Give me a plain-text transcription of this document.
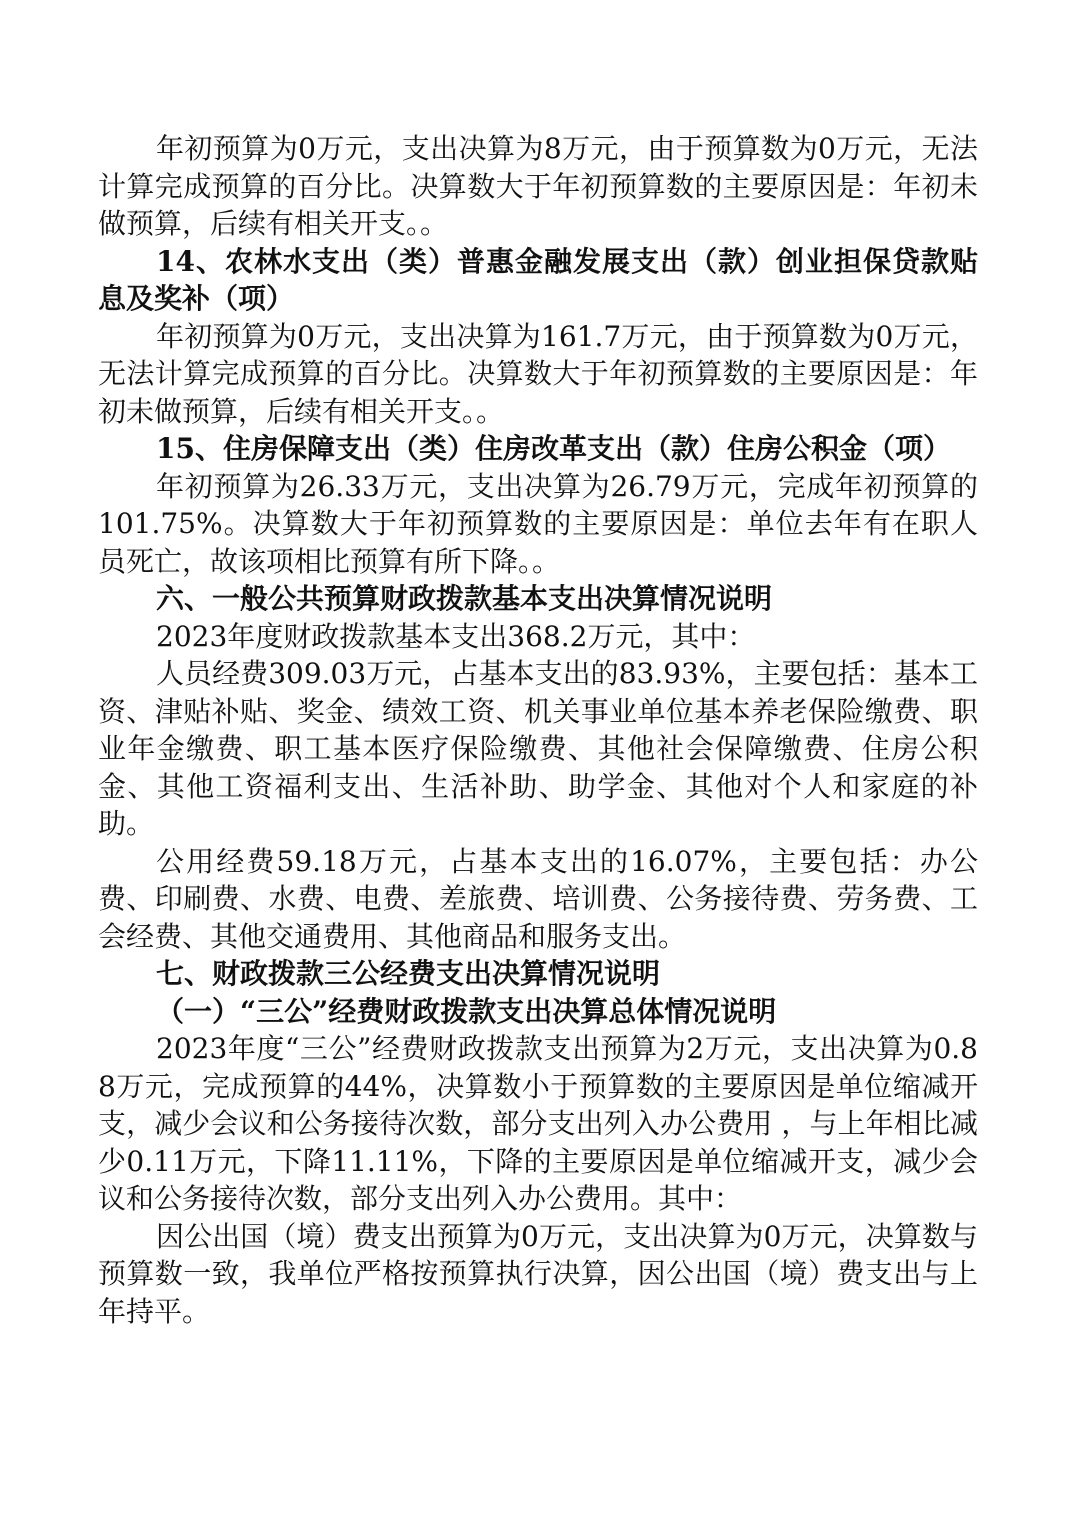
年初预算为0万元，支出决算为8万元，由于预算数为0万元，无法计算完成预算的百分比。决算数大于年初预算数的主要原因是：年初未做预算，后续有相关开支。。

14、农林水支出（类）普惠金融发展支出（款）创业担保贷款贴息及奖补（项）

年初预算为0万元，支出决算为161.7万元，由于预算数为0万元，无法计算完成预算的百分比。决算数大于年初预算数的主要原因是：年初未做预算，后续有相关开支。。

15、住房保障支出（类）住房改革支出（款）住房公积金（项）

年初预算为26.33万元，支出决算为26.79万元，完成年初预算的101.75%。决算数大于年初预算数的主要原因是：单位去年有在职人员死亡，故该项相比预算有所下降。。

六、一般公共预算财政拨款基本支出决算情况说明

2023年度财政拨款基本支出368.2万元，其中：

人员经费309.03万元，占基本支出的83.93%，主要包括：基本工资、津贴补贴、奖金、绩效工资、机关事业单位基本养老保险缴费、职业年金缴费、职工基本医疗保险缴费、其他社会保障缴费、住房公积金、其他工资福利支出、生活补助、助学金、其他对个人和家庭的补助。

公用经费59.18万元，占基本支出的16.07%，主要包括：办公费、印刷费、水费、电费、差旅费、培训费、公务接待费、劳务费、工会经费、其他交通费用、其他商品和服务支出。

七、财政拨款三公经费支出决算情况说明

（一）“三公”经费财政拨款支出决算总体情况说明

2023年度“三公”经费财政拨款支出预算为2万元，支出决算为0.88万元，完成预算的44%，决算数小于预算数的主要原因是单位缩减开支，减少会议和公务接待次数，部分支出列入办公费用 ，与上年相比减少0.11万元，下降11.11%，下降的主要原因是单位缩减开支，减少会议和公务接待次数，部分支出列入办公费用。其中：

因公出国（境）费支出预算为0万元，支出决算为0万元，决算数与预算数一致，我单位严格按预算执行决算，因公出国（境）费支出与上年持平。
